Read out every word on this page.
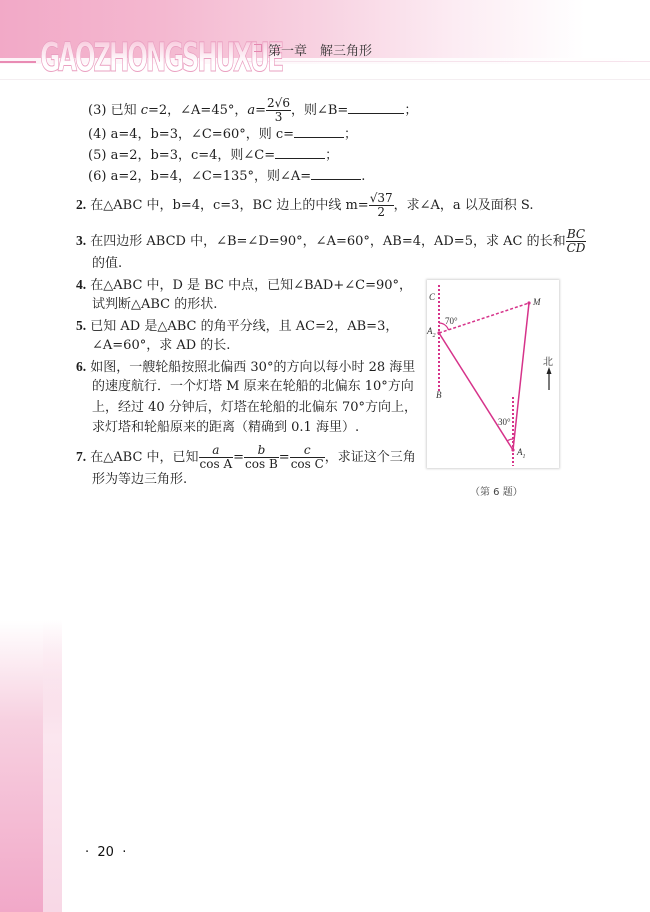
GAOZHONGSHUXUE
第一章　解三角形
(3) 已知 c=2，∠A=45°，$a= \frac{2√6}{3}$ ，则∠B=	；
(4) a=4，b=3，∠C=60°，则 c=	；
(5) a=2，b=3，c=4，则∠C=	；
(6) a=2，b=4，∠C=135°，则∠A=	.
2. 在△ABC 中，b=4，c=3，BC 边上的中线 $m= \frac{√37}{2}$ ，求∠A，a 以及面积 S.
3. 在四边形 ABCD 中，∠B=∠D=90°，∠A=60°，AB=4，AD=5，求 AC 的长和 $\frac{BC}{CD}$
的值.
4. 在△ABC 中，D 是 BC 中点，已知∠BAD+∠C=90°，
试判断△ABC 的形状.
5. 已知 AD 是△ABC 的角平分线，且 AC=2，AB=3，
∠A=60°，求 AD 的长.
6. 如图，一艘轮船按照北偏西 30°的方向以每小时 28 海里
的速度航行．一个灯塔 M 原来在轮船的北偏东 10°方向
上，经过 40 分钟后，灯塔在轮船的北偏东 70°方向上，
求灯塔和轮船原来的距离（精确到 0.1 海里）.
7. 在△ABC 中，已知 $\frac{a}{\text{cos A}} = \frac{b}{\text{cos B}} = \frac{c}{\text{cos C}}$ ，求证这个三角
形为等边三角形.
C
$A_2$
B
M
$A_1$
70°
30°
北
（第 6 题）
·  20  ·
